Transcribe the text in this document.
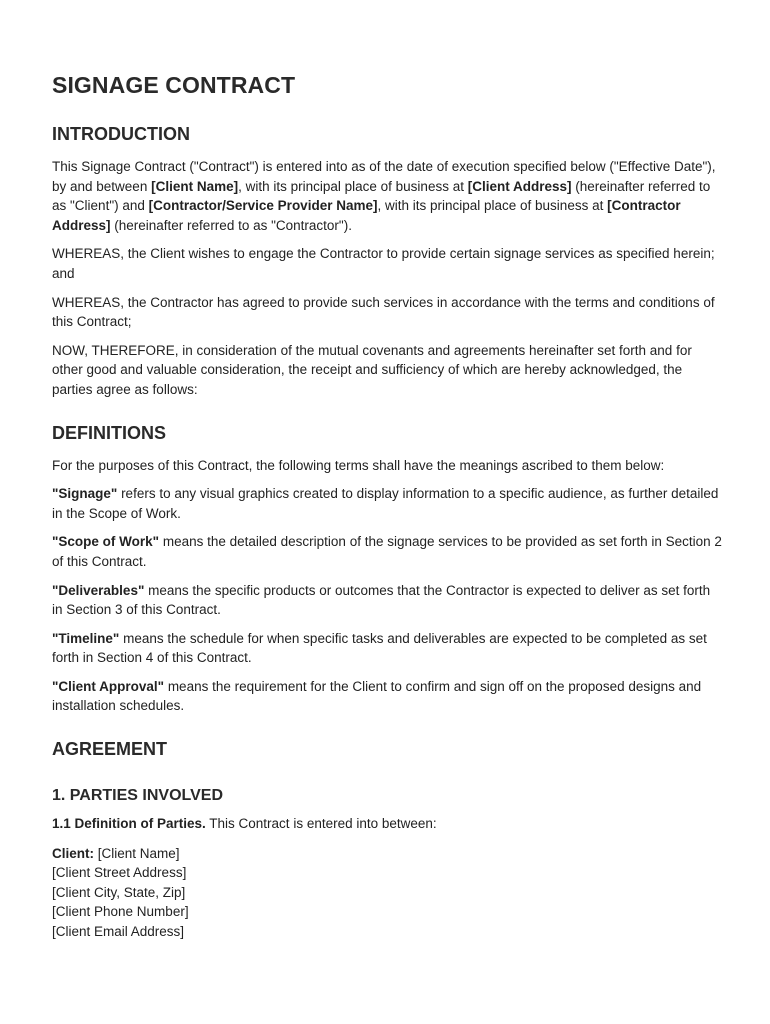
SIGNAGE CONTRACT
INTRODUCTION

This Signage Contract ("Contract") is entered into as of the date of execution specified below ("Effective Date"), by and between [Client Name], with its principal place of business at [Client Address] (hereinafter referred to as "Client") and [Contractor/Service Provider Name], with its principal place of business at [Contractor Address] (hereinafter referred to as "Contractor").

WHEREAS, the Client wishes to engage the Contractor to provide certain signage services as specified herein; and

WHEREAS, the Contractor has agreed to provide such services in accordance with the terms and conditions of this Contract;

NOW, THEREFORE, in consideration of the mutual covenants and agreements hereinafter set forth and for other good and valuable consideration, the receipt and sufficiency of which are hereby acknowledged, the parties agree as follows:

DEFINITIONS

For the purposes of this Contract, the following terms shall have the meanings ascribed to them below:

"Signage" refers to any visual graphics created to display information to a specific audience, as further detailed in the Scope of Work.

"Scope of Work" means the detailed description of the signage services to be provided as set forth in Section 2 of this Contract.

"Deliverables" means the specific products or outcomes that the Contractor is expected to deliver as set forth in Section 3 of this Contract.

"Timeline" means the schedule for when specific tasks and deliverables are expected to be completed as set forth in Section 4 of this Contract.

"Client Approval" means the requirement for the Client to confirm and sign off on the proposed designs and installation schedules.

AGREEMENT
1. PARTIES INVOLVED

1.1 Definition of Parties. This Contract is entered into between:

Client: [Client Name]

[Client Street Address]

[Client City, State, Zip]

[Client Phone Number]

[Client Email Address]
